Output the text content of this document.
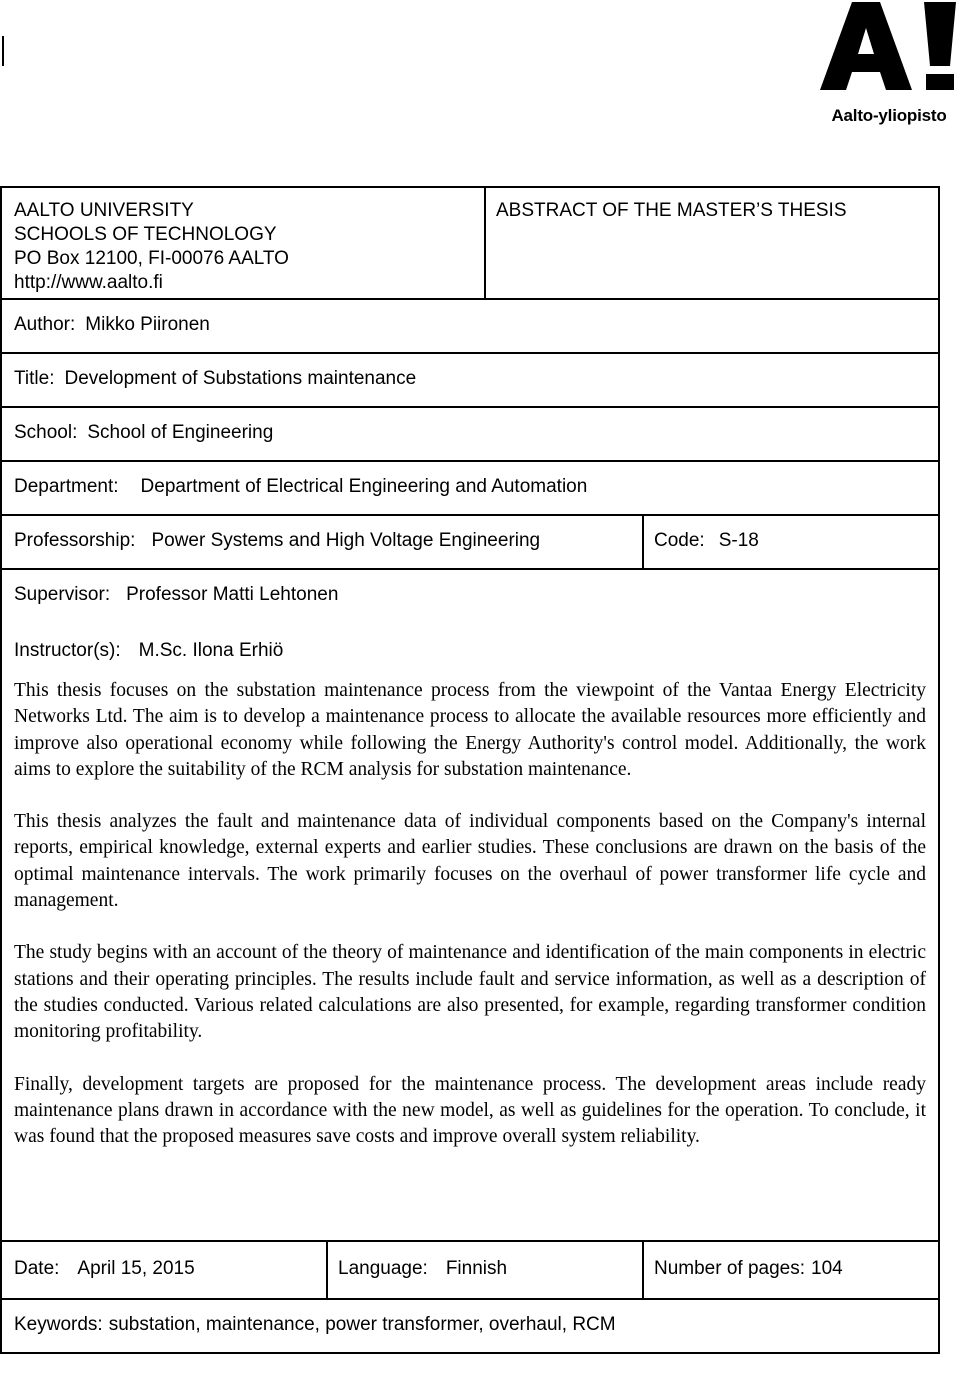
Aalto-yliopisto
AALTO UNIVERSITY
SCHOOLS OF TECHNOLOGY
PO Box 12100, FI-00076 AALTO
http://www.aalto.fi
ABSTRACT OF THE MASTER’S THESIS
Author: Mikko Piironen
Title: Development of Substations maintenance
School: School of Engineering
Department: Department of Electrical Engineering and Automation
Professorship: Power Systems and High Voltage Engineering	Code: S-18
Supervisor: Professor Matti Lehtonen
Instructor(s): M.Sc. Ilona Erhiö

This thesis focuses on the substation maintenance process from the viewpoint of the Vantaa Energy Electricity Networks Ltd. The aim is to develop a maintenance process to allocate the available resources more efficiently and improve also operational economy while following the Energy Authority's control model. Additionally, the work aims to explore the suitability of the RCM analysis for substation maintenance.

This thesis analyzes the fault and maintenance data of individual components based on the Company's internal reports, empirical knowledge, external experts and earlier studies. These conclusions are drawn on the basis of the optimal maintenance intervals. The work primarily focuses on the overhaul of power transformer life cycle and management.

The study begins with an account of the theory of maintenance and identification of the main components in electric stations and their operating principles. The results include fault and service information, as well as a description of the studies conducted. Various related calculations are also presented, for example, regarding transformer condition monitoring profitability.

Finally, development targets are proposed for the maintenance process. The development areas include ready maintenance plans drawn in accordance with the new model, as well as guidelines for the operation. To conclude, it was found that the proposed measures save costs and improve overall system reliability.

Date: April 15, 2015	Language: Finnish	Number of pages: 104
Keywords: substation, maintenance, power transformer, overhaul, RCM
